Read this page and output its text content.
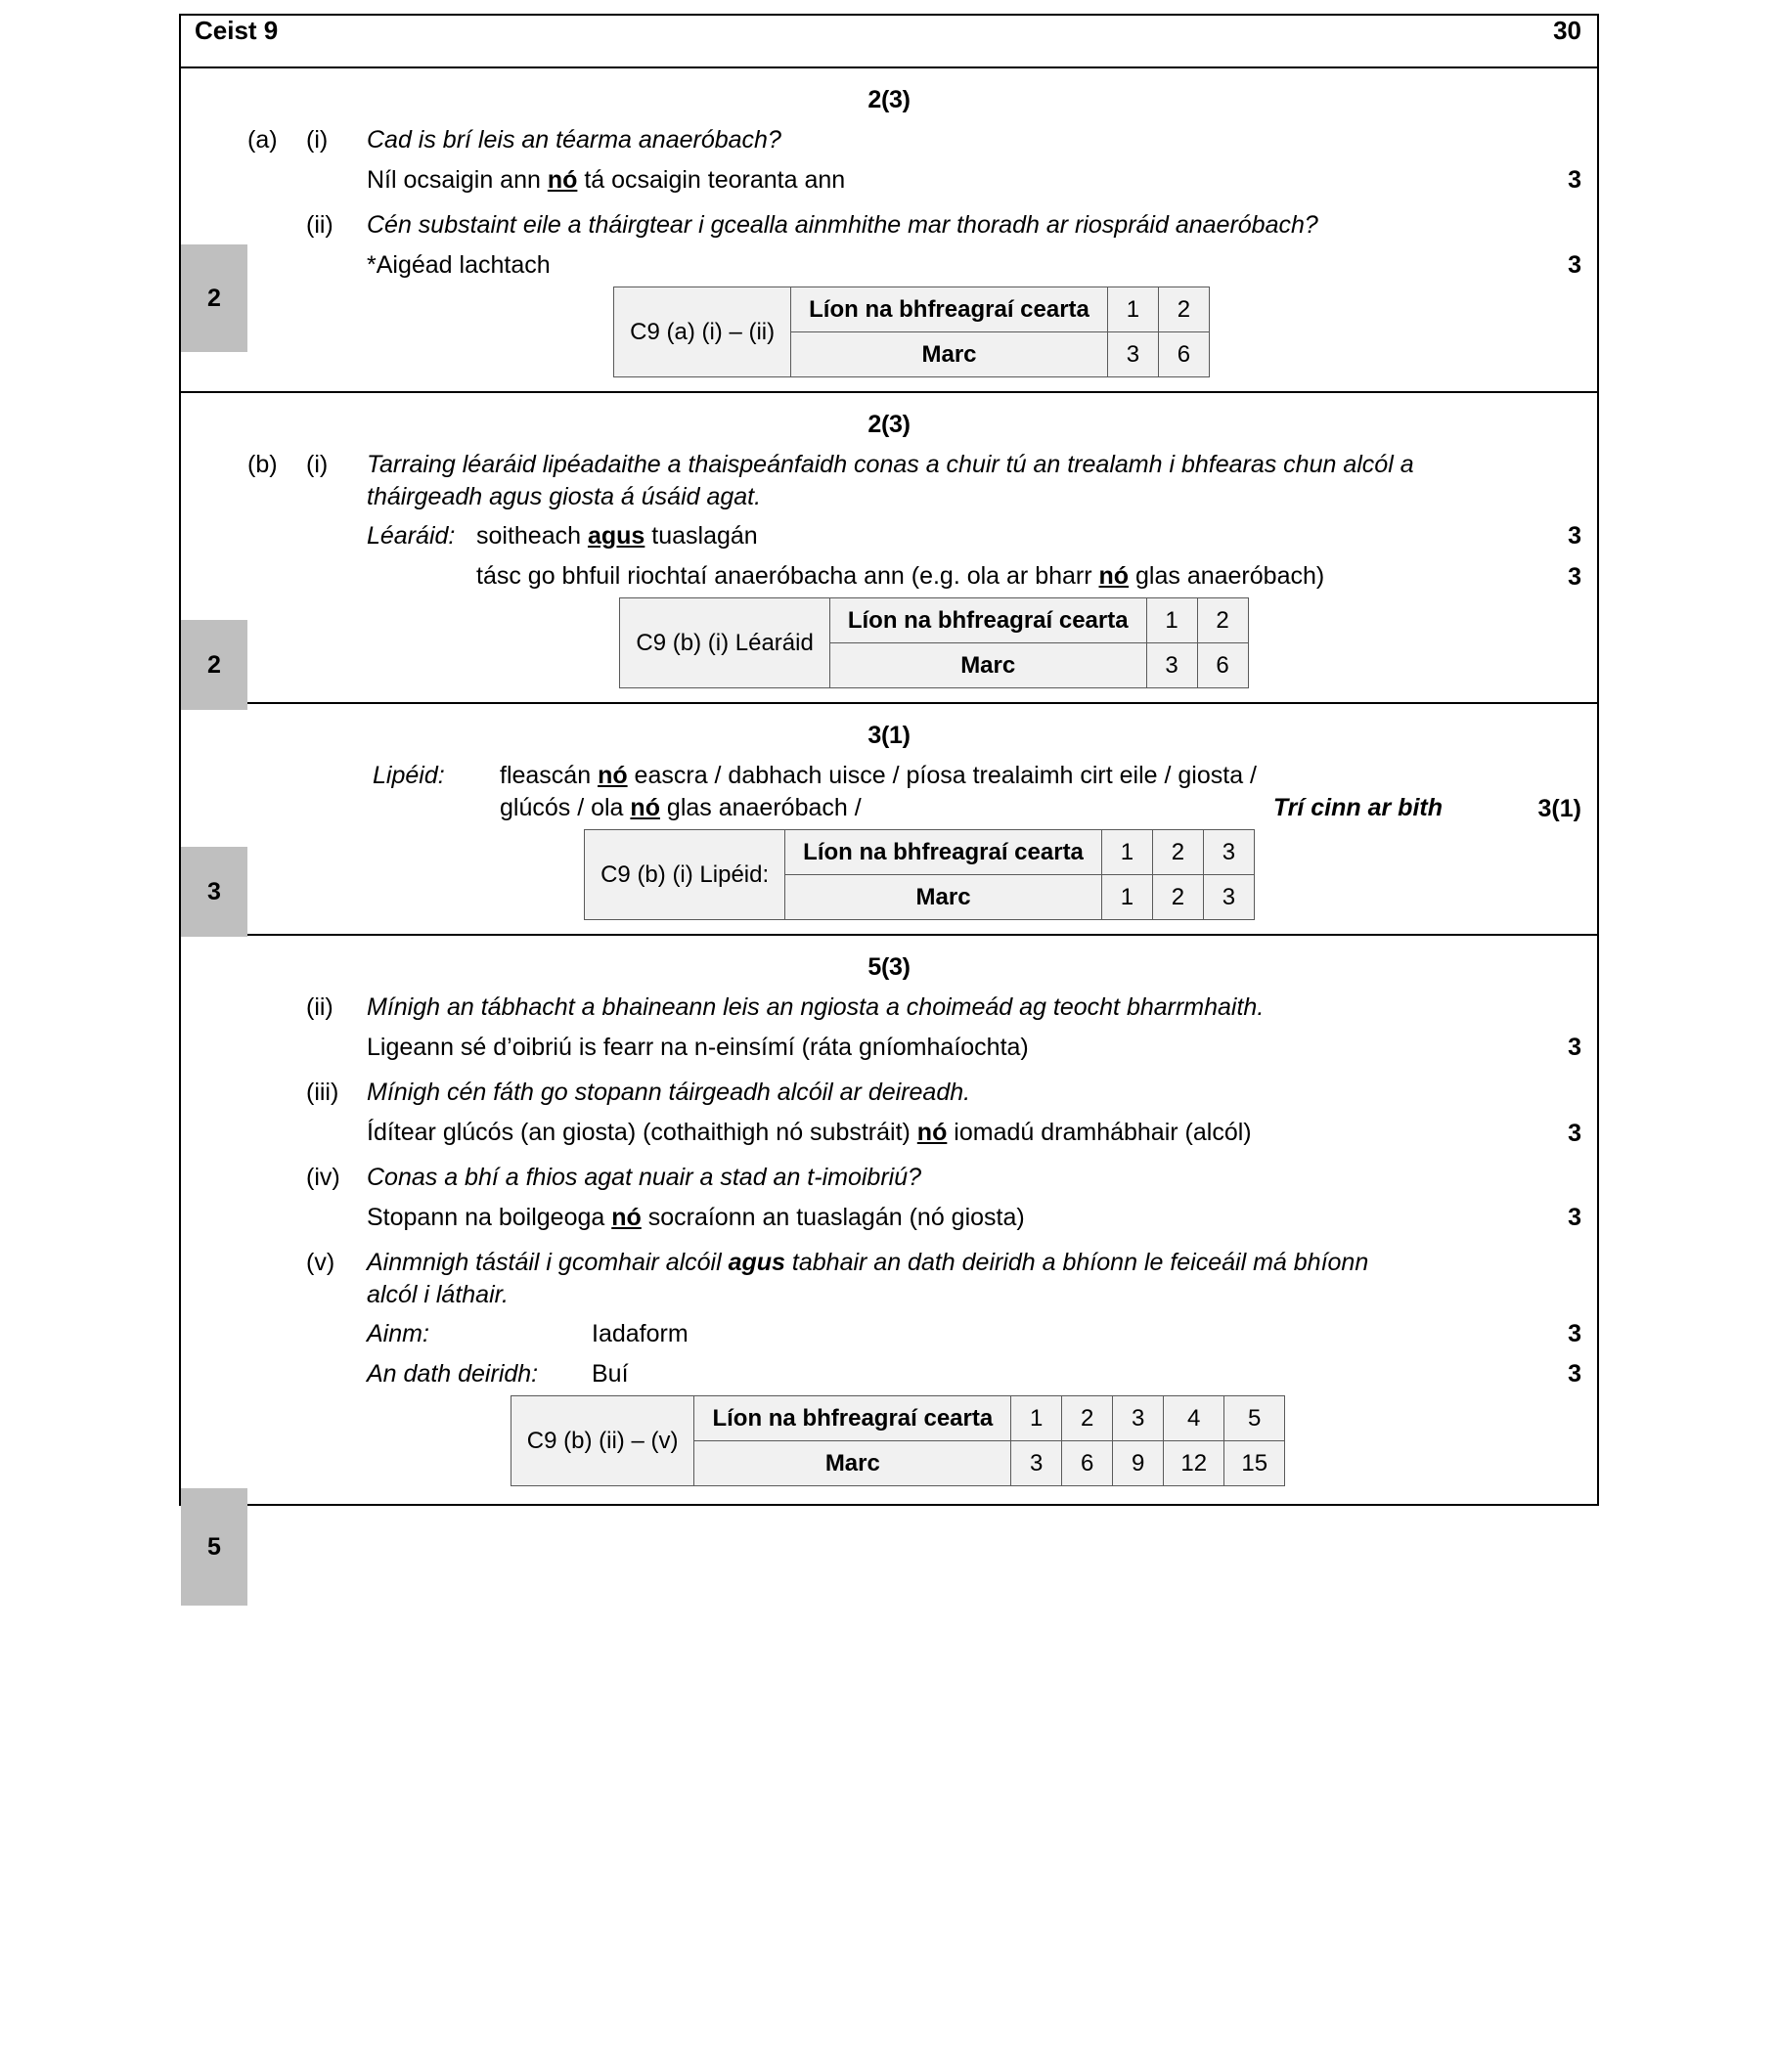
Ceist 9	30

2
2(3)
(a)	(i)	Cad is brí leis an téarma anaeróbach?
Níl ocsaigin ann nó tá ocsaigin teoranta ann	3
(ii)	Cén substaint eile a tháirgtear i gcealla ainmhithe mar thoradh ar riospráid anaeróbach?
*Aigéad lachtach	3
C9 (a) (i) – (ii)	Líon na bhfreagraí cearta	1	2
Marc	3	6

2
2(3)
(b)	(i)	Tarraing léaráid lipéadaithe a thaispeánfaidh conas a chuir tú an trealamh i bhfearas chun alcól a tháirgeadh agus giosta á úsáid agat.
Léaráid: soitheach agus tuaslagán	3
tásc go bhfuil riochtaí anaeróbacha ann (e.g. ola ar bharr nó glas anaeróbach)	3
C9 (b) (i) Léaráid	Líon na bhfreagraí cearta	1	2
Marc	3	6

3
3(1)
Lipéid:	fleascán nó eascra / dabhach uisce / píosa trealaimh cirt eile / giosta /
glúcós / ola nó glas anaeróbach /	Trí cinn ar bith	3(1)
C9 (b) (i) Lipéid:	Líon na bhfreagraí cearta	1	2	3
Marc	1	2	3

5
5(3)
(ii)	Mínigh an tábhacht a bhaineann leis an ngiosta a choimeád ag teocht bharrmhaith.
Ligeann sé d’oibriú is fearr na n-einsímí (ráta gníomhaíochta)	3
(iii)	Mínigh cén fáth go stopann táirgeadh alcóil ar deireadh.
Ídítear glúcós (an giosta) (cothaithigh nó substráit) nó iomadú dramhábhair (alcól)	3
(iv)	Conas a bhí a fhios agat nuair a stad an t-imoibriú?
Stopann na boilgeoga nó socraíonn an tuaslagán (nó giosta)	3
(v)	Ainmnigh tástáil i gcomhair alcóil agus tabhair an dath deiridh a bhíonn le feiceáil má bhíonn alcól i láthair.
Ainm:	Iadaform	3
An dath deiridh:	Buí	3
C9 (b) (ii) – (v)	Líon na bhfreagraí cearta	1	2	3	4	5
Marc	3	6	9	12	15
